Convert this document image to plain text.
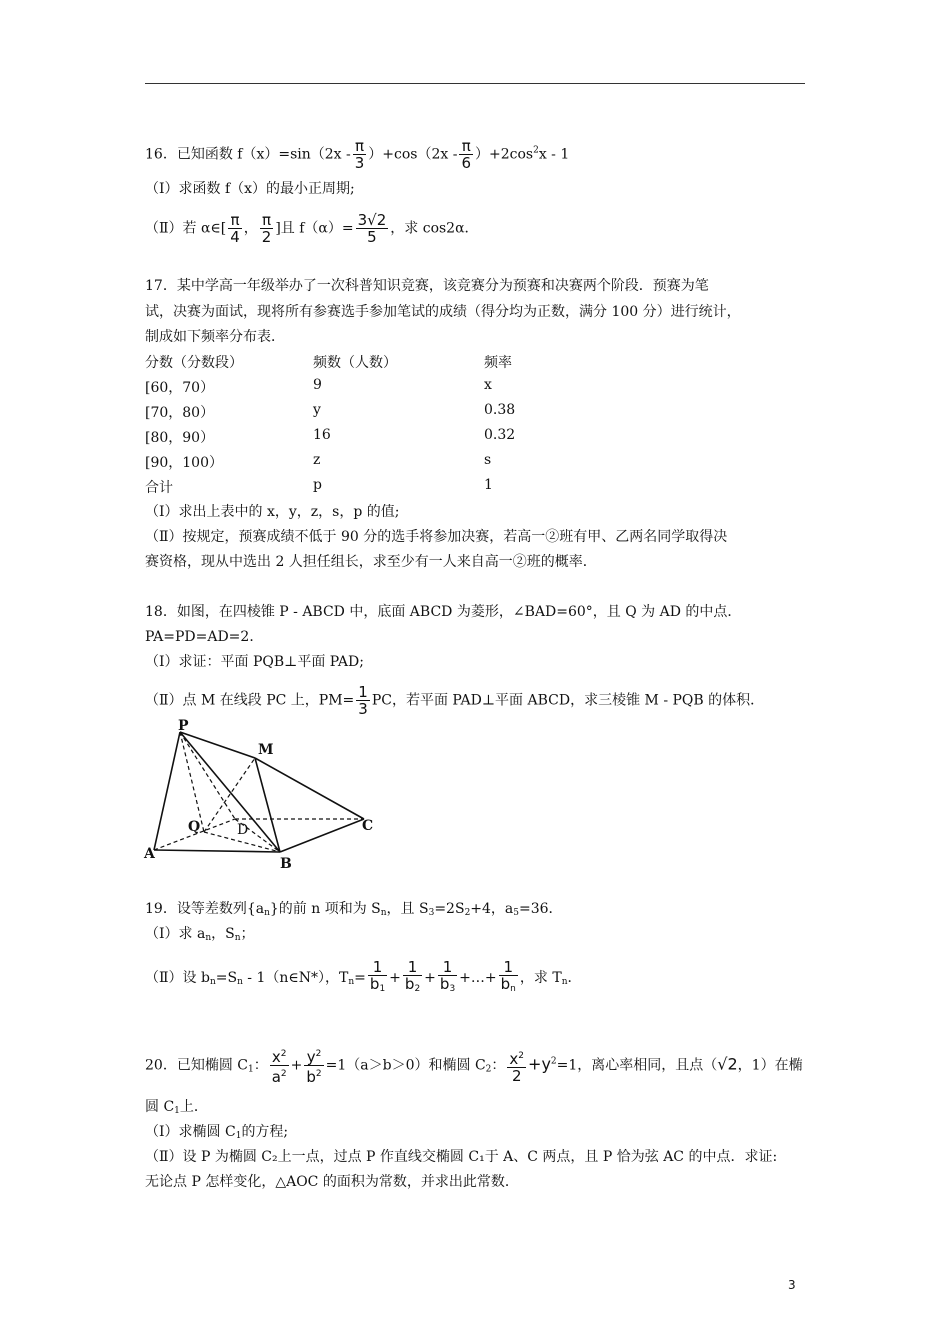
16．已知函数 $f(x)=\sin(2x - \frac{\pi}{3} )+\cos(2x - \frac{\pi}{6} )+2\cos^2x - 1$
（Ⅰ）求函数 f（x）的最小正周期;
（Ⅱ）若 α∈[ $\frac{\pi}{4}$ ， $\frac{\pi}{2}$ ]且 $f(\alpha)= \frac{3√2}{5}$ ，求 cos2α．
17．某中学高一年级举办了一次科普知识竞赛，该竞赛分为预赛和决赛两个阶段．预赛为笔
试，决赛为面试，现将所有参赛选手参加笔试的成绩（得分均为正数，满分 100 分）进行统计，
制成如下频率分布表．
分数（分数段）	频数（人数）	频率
[60，70）	9	x
[70，80）	y	0.38
[80，90）	16	0.32
[90，100）	z	s
合计	p	1
（Ⅰ）求出上表中的 x，y，z，s，p 的值;
（Ⅱ）按规定，预赛成绩不低于 90 分的选手将参加决赛，若高一②班有甲、乙两名同学取得决
赛资格，现从中选出 2 人担任组长，求至少有一人来自高一②班的概率．
18．如图，在四棱锥 P - ABCD 中，底面 ABCD 为菱形，∠BAD=60°，且 Q 为 AD 的中点．
PA=PD=AD=2．
（Ⅰ）求证：平面 PQB⊥平面 PAD;
（Ⅱ）点 M 在线段 PC 上，$PM= \frac{1}{3}$ PC，若平面 PAD⊥平面 ABCD，求三棱锥 M - PQB 的体积．
P
M
Q	D	C
A
B
19．设等差数列$\{a_n\}$的前 n 项和为 $S_n$，且 $S_3=2S_2+4$，$a_5=36$．
（Ⅰ）求 $a_n$，$S_n$；
（Ⅱ）设 $b_n=S_n$ - 1（n∈N*），$T_n= \frac{1}{b_1} + \frac{1}{b_2} + \frac{1}{b_3}$ +…+ $\frac{1}{b_n}$ ，求 $T_n$．
20．已知椭圆 $C_1$： $\frac{x^2}{a^2} + \frac{y^2}{b^2} =1(a>b>0)$和椭圆 $C_2$： $\frac{x^2}{2} +y^2=1$，离心率相同，且点（√2，1）在椭
圆 $C_1$上．
（Ⅰ）求椭圆 $C_1$的方程;
（Ⅱ）设 P 为椭圆 C₂上一点，过点 P 作直线交椭圆 C₁于 A、C 两点，且 P 恰为弦 AC 的中点．求证:
无论点 P 怎样变化，△AOC 的面积为常数，并求出此常数．
3
